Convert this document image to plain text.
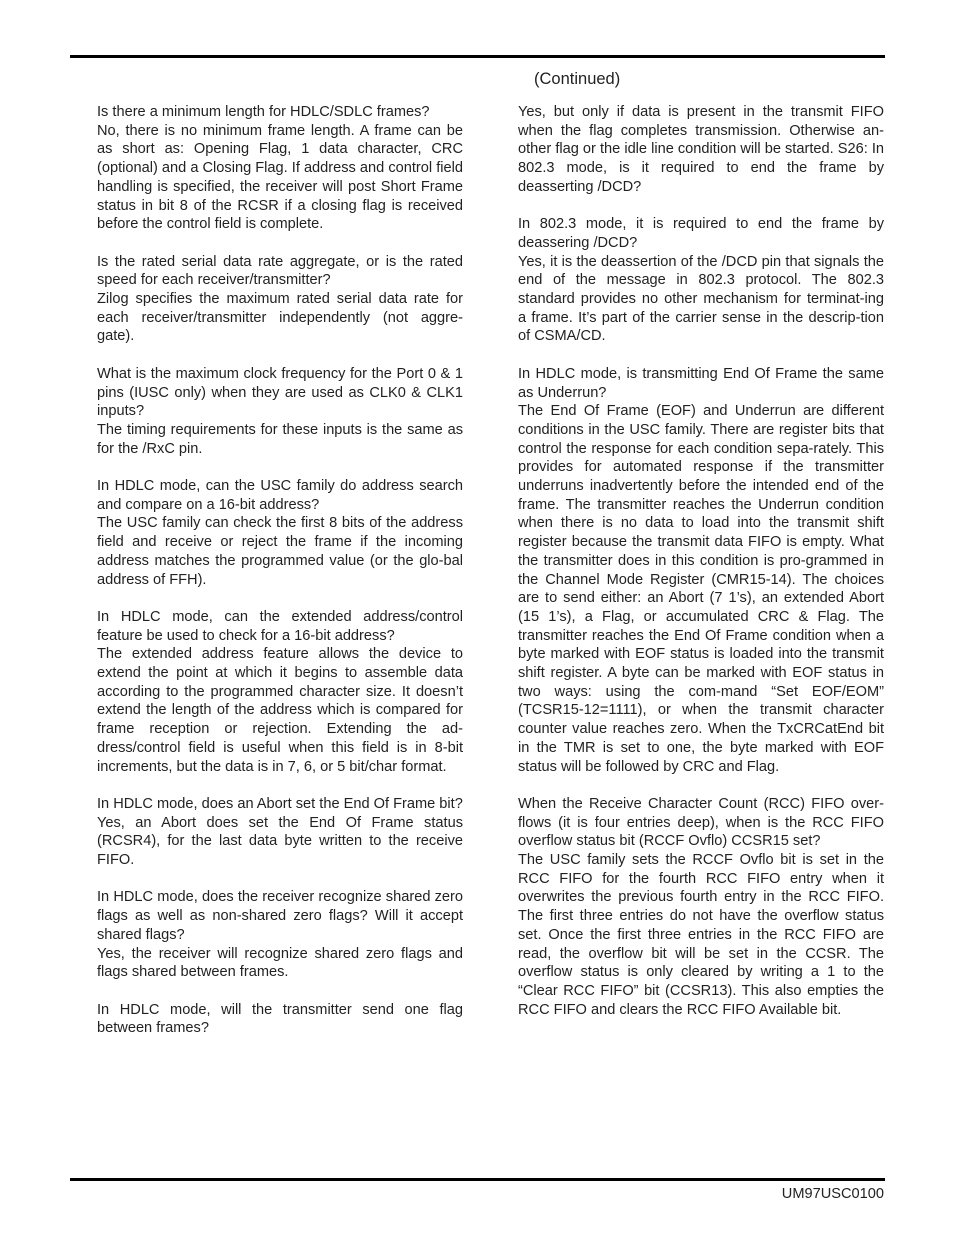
(Continued)

Is there a minimum length for HDLC/SDLC frames?

No, there is no minimum frame length. A frame can be as short as: Opening Flag, 1 data character, CRC (optional) and a Closing Flag. If address and control field handling is specified, the receiver will post Short Frame status in bit 8 of the RCSR if a closing flag is received before the control field is complete.

Is the rated serial data rate aggregate, or is the rated speed for each receiver/transmitter?

Zilog specifies the maximum rated serial data rate for each receiver/transmitter independently (not aggre-gate).

What is the maximum clock frequency for the Port 0 & 1 pins (IUSC only) when they are used as CLK0 & CLK1 inputs?

The timing requirements for these inputs is the same as for the /RxC pin.

In HDLC mode, can the USC family do address search and compare on a 16-bit address?

The USC family can check the first 8 bits of the address field and receive or reject the frame if the incoming address matches the programmed value (or the glo-bal address of FFH).

In HDLC mode, can the extended address/control feature be used to check for a 16-bit address?

The extended address feature allows the device to extend the point at which it begins to assemble data according to the programmed character size. It doesn’t extend the length of the address which is compared for frame reception or rejection. Extending the ad-dress/control field is useful when this field is in 8-bit increments, but the data is in 7, 6, or 5 bit/char format.

In HDLC mode, does an Abort set the End Of Frame bit?

Yes, an Abort does set the End Of Frame status (RCSR4), for the last data byte written to the receive FIFO.

In HDLC mode, does the receiver recognize shared zero flags as well as non-shared zero flags? Will it accept shared flags?

Yes, the receiver will recognize shared zero flags and flags shared between frames.

In HDLC mode, will the transmitter send one flag between frames?

Yes, but only if data is present in the transmit FIFO when the flag completes transmission. Otherwise an-other flag or the idle line condition will be started. S26: In 802.3 mode, is it required to end the frame by deasserting /DCD?

In 802.3 mode, it is required to end the frame by deassering /DCD?

Yes, it is the deassertion of the /DCD pin that signals the end of the message in 802.3 protocol. The 802.3 standard provides no other mechanism for terminat-ing a frame. It’s part of the carrier sense in the descrip-tion of CSMA/CD.

In HDLC mode, is transmitting End Of Frame the same as Underrun?

The End Of Frame (EOF) and Underrun are different conditions in the USC family. There are register bits that control the response for each condition sepa-rately. This provides for automated response if the transmitter underruns inadvertently before the intended end of the frame. The transmitter reaches the Underrun condition when there is no data to load into the transmit shift register because the transmit data FIFO is empty. What the transmitter does in this condition is pro-grammed in the Channel Mode Register (CMR15-14). The choices are to send either: an Abort (7 1’s), an extended Abort (15 1’s), a Flag, or accumulated CRC & Flag. The transmitter reaches the End Of Frame condition when a byte marked with EOF status is loaded into the transmit shift register. A byte can be marked with EOF status in two ways: using the com-mand “Set EOF/EOM” (TCSR15-12=1111), or when the transmit character counter value reaches zero. When the TxCRCatEnd bit in the TMR is set to one, the byte marked with EOF status will be followed by CRC and Flag.

When the Receive Character Count (RCC) FIFO over-flows (it is four entries deep), when is the RCC FIFO overflow status bit (RCCF Ovflo) CCSR15 set?

The USC family sets the RCCF Ovflo bit is set in the RCC FIFO for the fourth RCC FIFO entry when it overwrites the previous fourth entry in the RCC FIFO. The first three entries do not have the overflow status set. Once the first three entries in the RCC FIFO are read, the overflow bit will be set in the CCSR. The overflow status is only cleared by writing a 1 to the “Clear RCC FIFO” bit (CCSR13). This also empties the RCC FIFO and clears the RCC FIFO Available bit.

UM97USC0100
